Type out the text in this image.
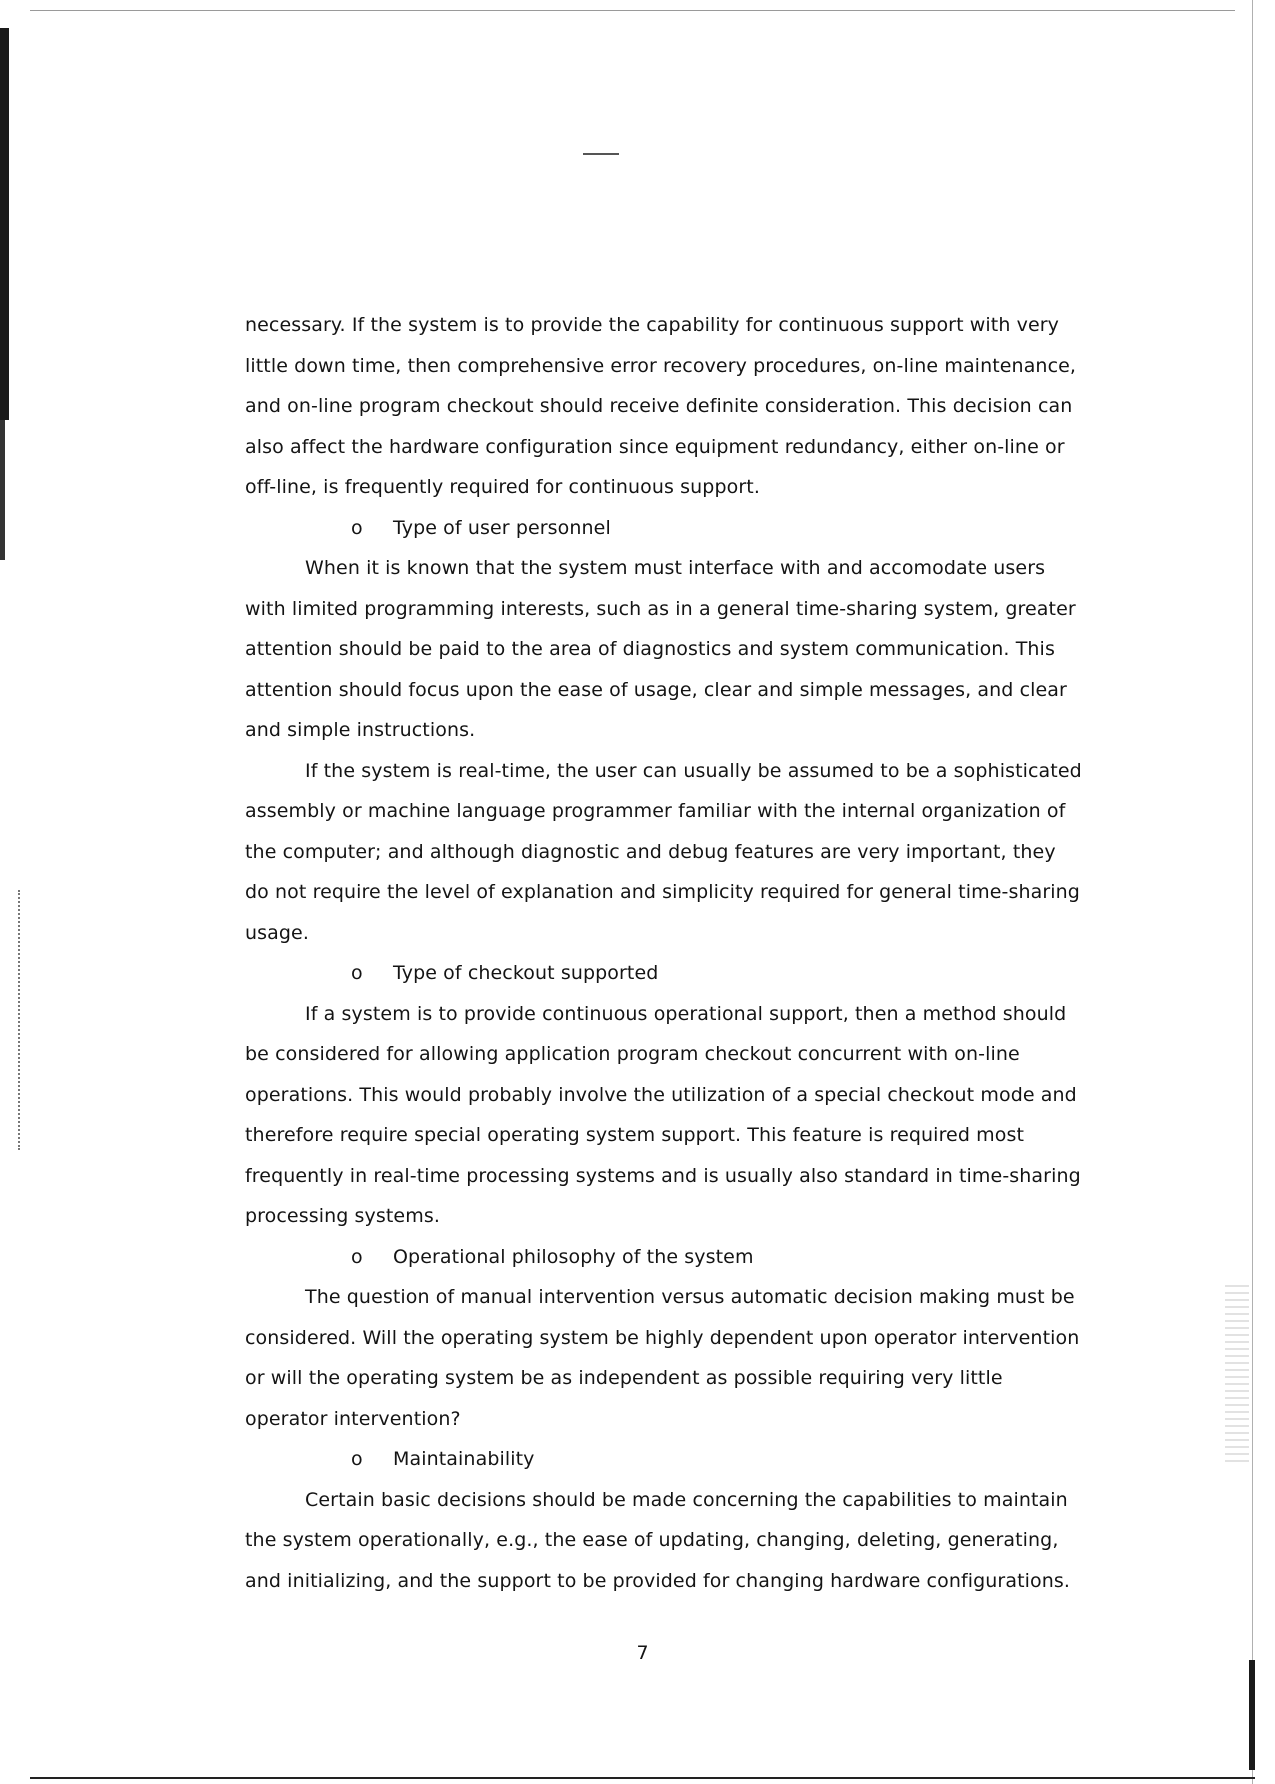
necessary. If the system is to provide the capability for continuous support with very little down time, then comprehensive error recovery procedures, on-line maintenance, and on-line program checkout should receive definite consideration. This decision can also affect the hardware configuration since equipment redundancy, either on-line or off-line, is frequently required for continuous support.

o Type of user personnel

When it is known that the system must interface with and accomodate users with limited programming interests, such as in a general time-sharing system, greater attention should be paid to the area of diagnostics and system communication. This attention should focus upon the ease of usage, clear and simple messages, and clear and simple instructions.

If the system is real-time, the user can usually be assumed to be a sophisticated assembly or machine language programmer familiar with the internal organization of the computer; and although diagnostic and debug features are very important, they do not require the level of explanation and simplicity required for general time-sharing usage.

o Type of checkout supported

If a system is to provide continuous operational support, then a method should be considered for allowing application program checkout concurrent with on-line operations. This would probably involve the utilization of a special checkout mode and therefore require special operating system support. This feature is required most frequently in real-time processing systems and is usually also standard in time-sharing processing systems.

o Operational philosophy of the system

The question of manual intervention versus automatic decision making must be considered. Will the operating system be highly dependent upon operator intervention or will the operating system be as independent as possible requiring very little operator intervention?

o Maintainability

Certain basic decisions should be made concerning the capabilities to maintain the system operationally, e.g., the ease of updating, changing, deleting, generating, and initializing, and the support to be provided for changing hardware configurations.

7
